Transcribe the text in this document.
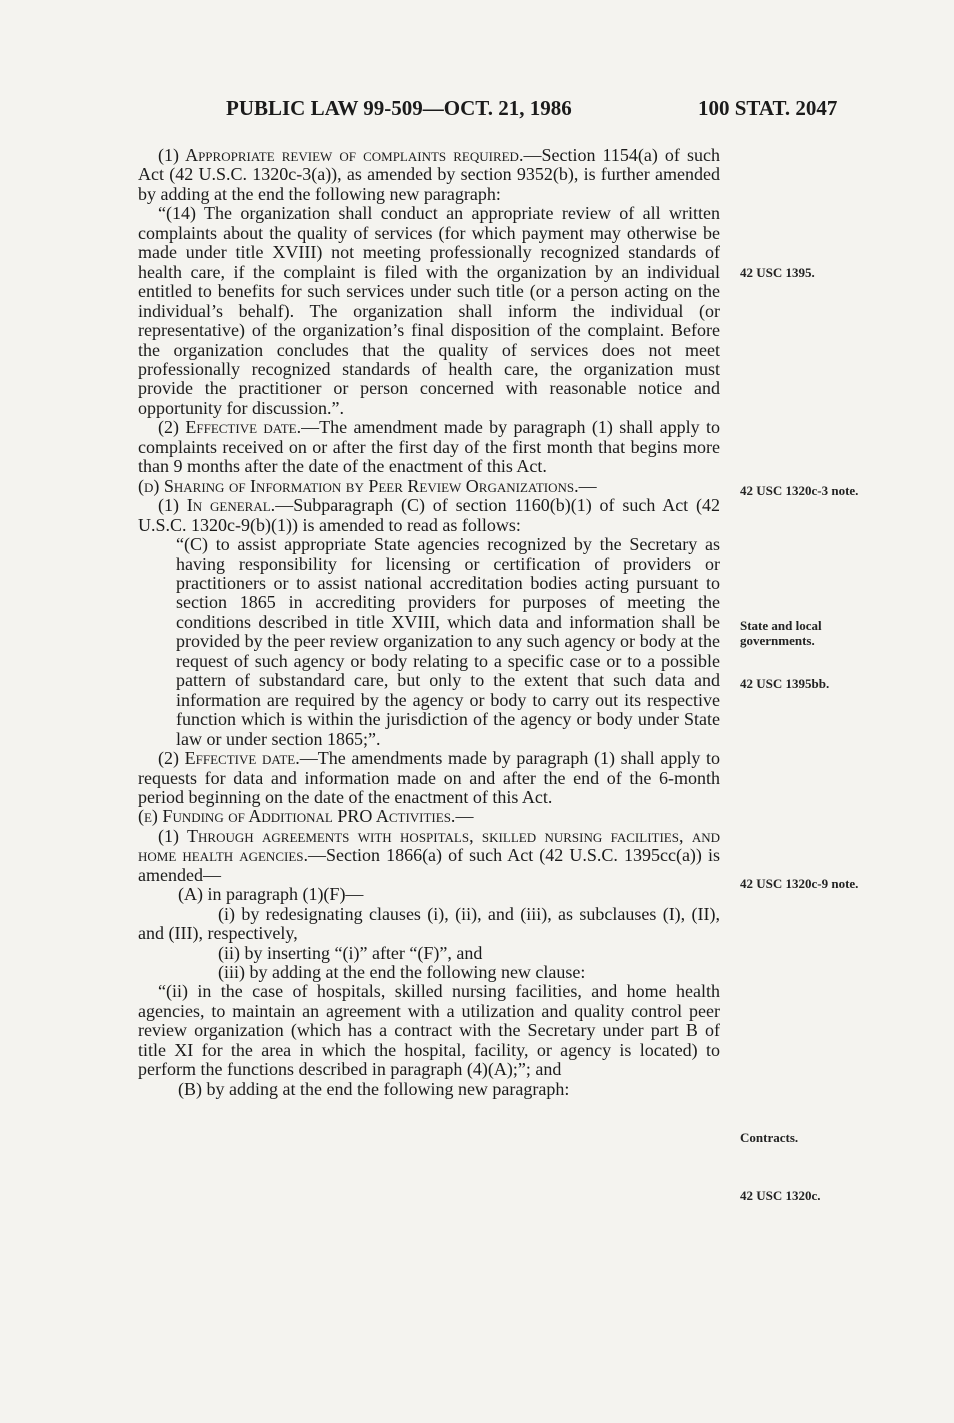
PUBLIC LAW 99-509—OCT. 21, 1986	100 STAT. 2047

(1) Appropriate review of complaints required.—Section 1154(a) of such Act (42 U.S.C. 1320c-3(a)), as amended by section 9352(b), is further amended by adding at the end the following new paragraph:

“(14) The organization shall conduct an appropriate review of all written complaints about the quality of services (for which payment may otherwise be made under title XVIII) not meeting professionally recognized standards of health care, if the complaint is filed with the organization by an individual entitled to benefits for such services under such title (or a person acting on the individual’s behalf). The organization shall inform the individual (or representative) of the organization’s final disposition of the complaint. Before the organization concludes that the quality of services does not meet professionally recognized standards of health care, the organization must provide the practitioner or person concerned with reasonable notice and opportunity for discussion.”.

(2) Effective date.—The amendment made by paragraph (1) shall apply to complaints received on or after the first day of the first month that begins more than 9 months after the date of the enactment of this Act.

(d) Sharing of Information by Peer Review Organizations.—

(1) In general.—Subparagraph (C) of section 1160(b)(1) of such Act (42 U.S.C. 1320c-9(b)(1)) is amended to read as follows:

“(C) to assist appropriate State agencies recognized by the Secretary as having responsibility for licensing or certification of providers or practitioners or to assist national accreditation bodies acting pursuant to section 1865 in accrediting providers for purposes of meeting the conditions described in title XVIII, which data and information shall be provided by the peer review organization to any such agency or body at the request of such agency or body relating to a specific case or to a possible pattern of substandard care, but only to the extent that such data and information are required by the agency or body to carry out its respective function which is within the jurisdiction of the agency or body under State law or under section 1865;”.

(2) Effective date.—The amendments made by paragraph (1) shall apply to requests for data and information made on and after the end of the 6-month period beginning on the date of the enactment of this Act.

(e) Funding of Additional PRO Activities.—

(1) Through agreements with hospitals, skilled nursing facilities, and home health agencies.—Section 1866(a) of such Act (42 U.S.C. 1395cc(a)) is amended—

(A) in paragraph (1)(F)—

(i) by redesignating clauses (i), (ii), and (iii), as subclauses (I), (II), and (III), respectively,

(ii) by inserting “(i)” after “(F)”, and

(iii) by adding at the end the following new clause:

“(ii) in the case of hospitals, skilled nursing facilities, and home health agencies, to maintain an agreement with a utilization and quality control peer review organization (which has a contract with the Secretary under part B of title XI for the area in which the hospital, facility, or agency is located) to perform the functions described in paragraph (4)(A);”; and

(B) by adding at the end the following new paragraph:

42 USC 1395.
42 USC 1320c-3 note.
State and local governments.
42 USC 1395bb.
42 USC 1320c-9 note.
Contracts.
42 USC 1320c.
